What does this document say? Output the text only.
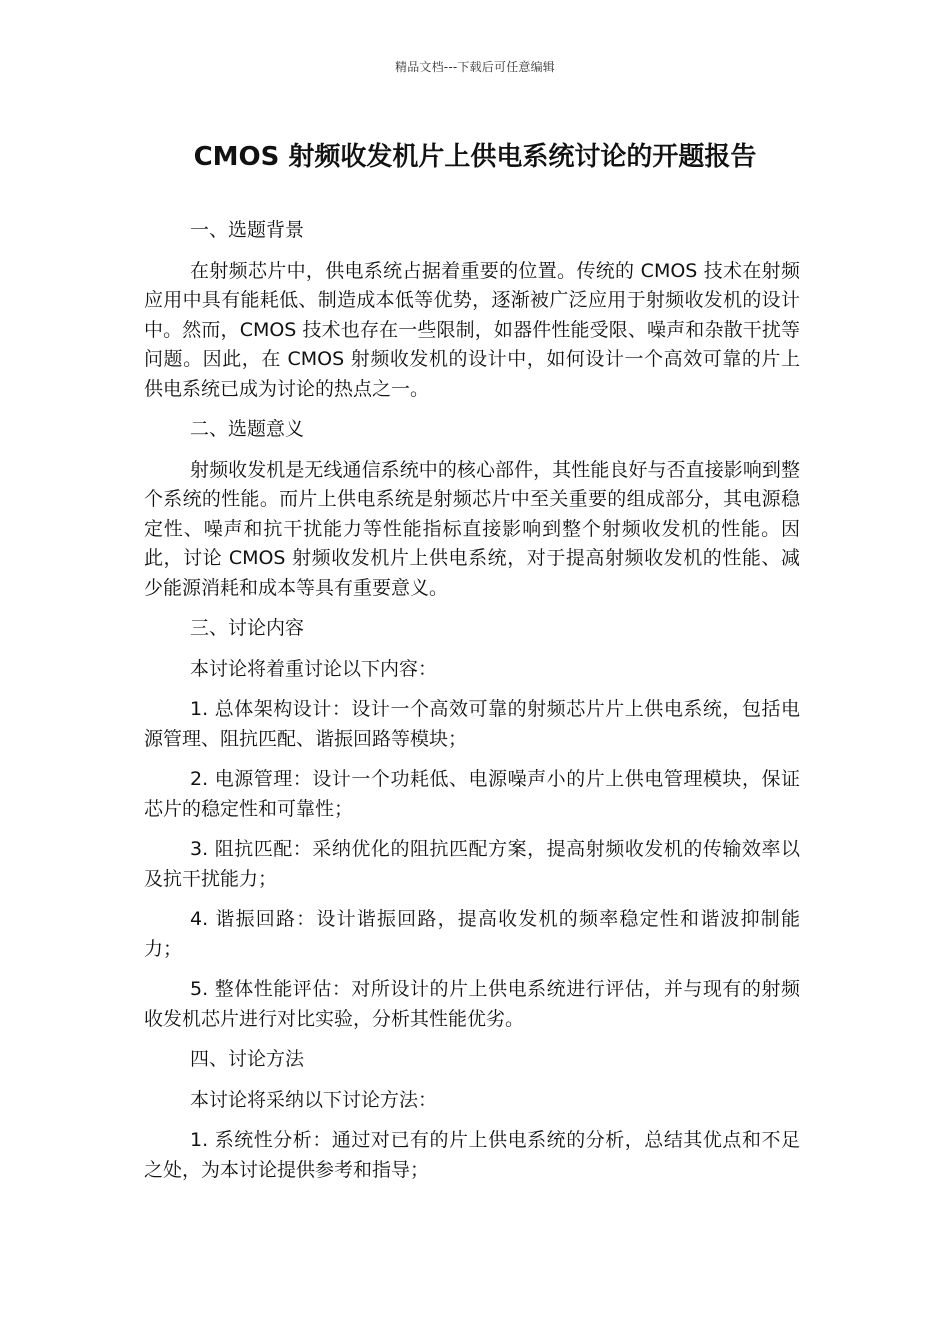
精品文档---下载后可任意编辑
CMOS 射频收发机片上供电系统讨论的开题报告

一、选题背景

在射频芯片中，供电系统占据着重要的位置。传统的 CMOS 技术在射频应用中具有能耗低、制造成本低等优势，逐渐被广泛应用于射频收发机的设计中。然而，CMOS 技术也存在一些限制，如器件性能受限、噪声和杂散干扰等问题。因此，在 CMOS 射频收发机的设计中，如何设计一个高效可靠的片上供电系统已成为讨论的热点之一。

二、选题意义

射频收发机是无线通信系统中的核心部件，其性能良好与否直接影响到整个系统的性能。而片上供电系统是射频芯片中至关重要的组成部分，其电源稳定性、噪声和抗干扰能力等性能指标直接影响到整个射频收发机的性能。因此，讨论 CMOS 射频收发机片上供电系统，对于提高射频收发机的性能、减少能源消耗和成本等具有重要意义。

三、讨论内容

本讨论将着重讨论以下内容：

1. 总体架构设计：设计一个高效可靠的射频芯片片上供电系统，包括电源管理、阻抗匹配、谐振回路等模块；

2. 电源管理：设计一个功耗低、电源噪声小的片上供电管理模块，保证芯片的稳定性和可靠性；

3. 阻抗匹配：采纳优化的阻抗匹配方案，提高射频收发机的传输效率以及抗干扰能力；

4. 谐振回路：设计谐振回路，提高收发机的频率稳定性和谐波抑制能力；

5. 整体性能评估：对所设计的片上供电系统进行评估，并与现有的射频收发机芯片进行对比实验，分析其性能优劣。

四、讨论方法

本讨论将采纳以下讨论方法：

1. 系统性分析：通过对已有的片上供电系统的分析，总结其优点和不足之处，为本讨论提供参考和指导；
